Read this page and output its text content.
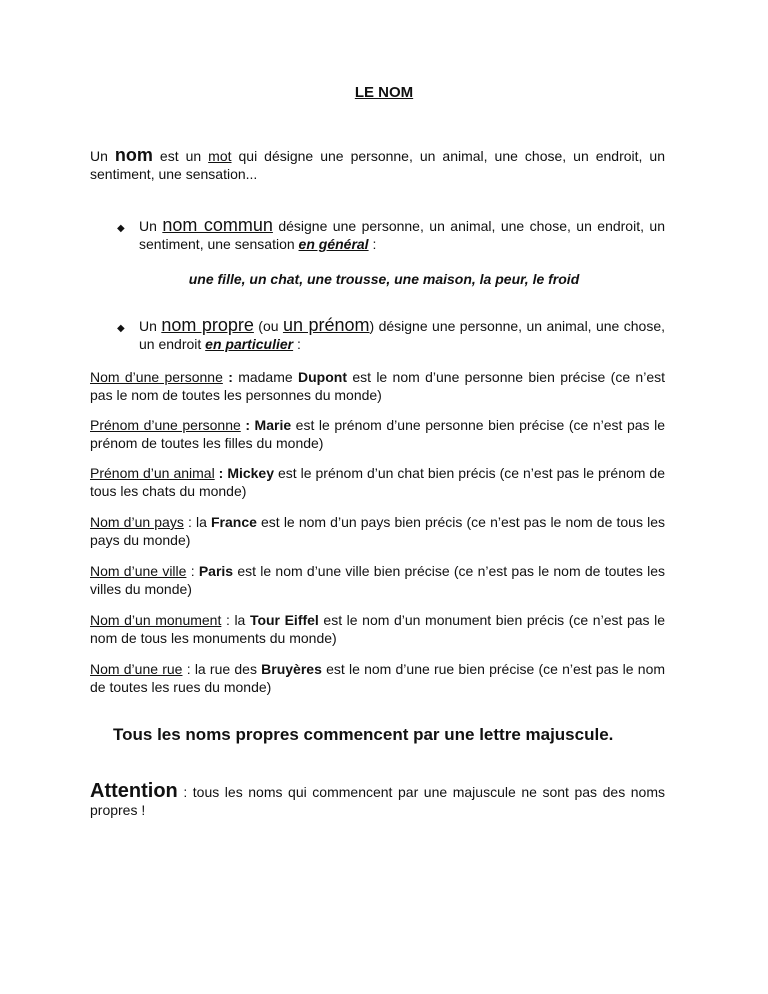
LE NOM

Un nom est un mot qui désigne une personne, un animal, une chose, un endroit, un sentiment, une sensation...

◆ Un nom commun désigne une personne, un animal, une chose, un endroit, un sentiment, une sensation en général :

une fille, un chat, une trousse, une maison, la peur, le froid
◆ Un nom propre (ou un prénom) désigne une personne, un animal, une chose, un endroit en particulier :

Nom d’une personne : madame Dupont est le nom d’une personne bien précise (ce n’est pas le nom de toutes les personnes du monde)

Prénom d’une personne : Marie est le prénom d’une personne bien précise (ce n’est pas le prénom de toutes les filles du monde)

Prénom d’un animal : Mickey est le prénom d’un chat bien précis (ce n’est pas le prénom de tous les chats du monde)

Nom d’un pays : la France est le nom d’un pays bien précis (ce n’est pas le nom de tous les pays du monde)

Nom d’une ville : Paris est le nom d’une ville bien précise (ce n’est pas le nom de toutes les villes du monde)

Nom d’un monument : la Tour Eiffel est le nom d’un monument bien précis (ce n’est pas le nom de tous les monuments du monde)

Nom d’une rue : la rue des Bruyères est le nom d’une rue bien précise (ce n’est pas le nom de toutes les rues du monde)

Tous les noms propres commencent par une lettre majuscule.

Attention : tous les noms qui commencent par une majuscule ne sont pas des noms propres !
